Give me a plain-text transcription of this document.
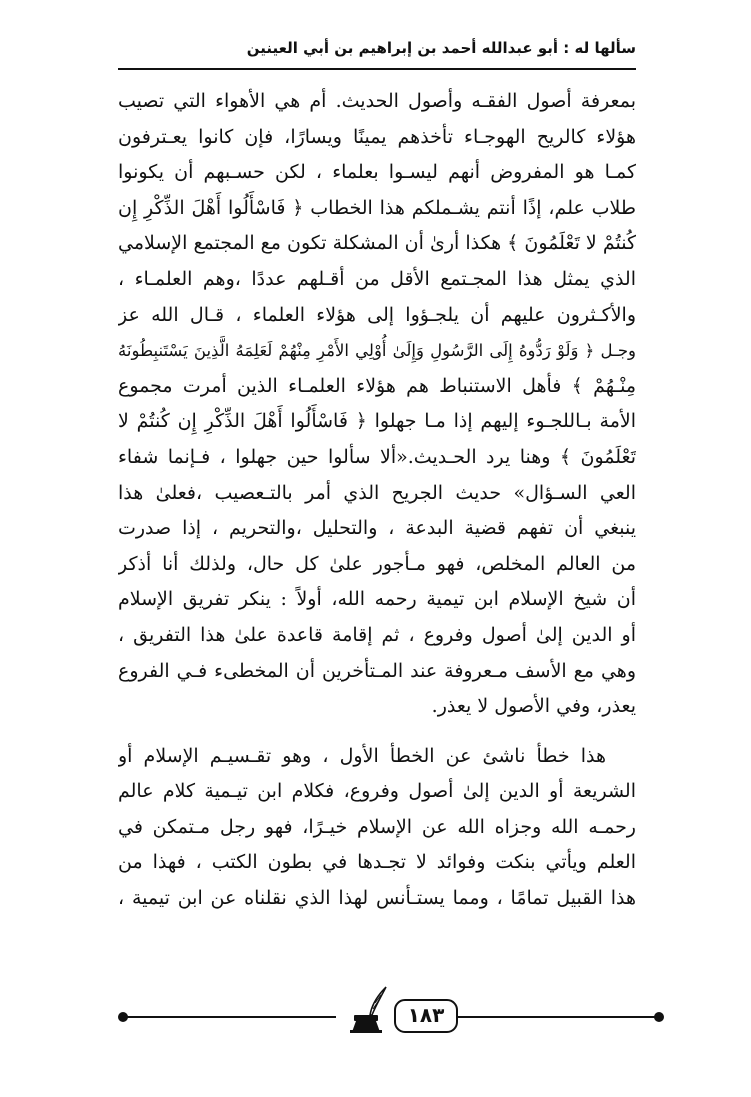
سألها له : أبو عبدالله أحمد بن إبراهيم بن أبي العينين
بمعرفة أصول الفقـه وأصول الحديث. أم هي الأهواء التي تصيب
هؤلاء كالريح الهوجـاء تأخذهم يمينًا ويسارًا، فإن كانوا يعـترفون
كمـا هو المفروض أنهم ليسـوا بعلماء ، لكن حسـبهم أن يكونوا
طلاب علم، إذًا أنتم يشـملكم هذا الخطاب ﴿ فَاسْأَلُوا أَهْلَ الذِّكْرِ إِن
كُنتُمْ لا تَعْلَمُونَ ﴾ هكذا أرىٰ أن المشكلة تكون مع المجتمع الإسلامي
الذي يمثل هذا المجـتمع الأقل من أقـلهم عددًا ،وهم العلمـاء ،
والأكـثرون عليهم أن يلجـؤوا إلى هؤلاء العلماء ، قـال الله عز
وجـل ﴿ وَلَوْ رَدُّوهُ إِلَى الرَّسُولِ وَإِلَىٰ أُوْلِي الأَمْرِ مِنْهُمْ لَعَلِمَهُ الَّذِينَ يَسْتَنبِطُونَهُ
مِنْـهُمْ ﴾ فأهل الاستنباط هم هؤلاء العلمـاء الذين أمرت مجموع
الأمة بـاللجـوء إليهم إذا مـا جهلوا ﴿ فَاسْأَلُوا أَهْلَ الذِّكْرِ إِن كُنتُمْ لا
تَعْلَمُونَ ﴾ وهنا يرد الحـديث.«ألا سألوا حين جهلوا ، فـإنما شفاء
العي السـؤال» حديث الجريح الذي أمر بالتـعصيب ،فعلىٰ هذا
ينبغي أن تفهم قضية البدعة ، والتحليل ،والتحريم ، إذا صدرت
من العالم المخلص، فهو مـأجور علىٰ كل حال، ولذلك أنا أذكر
أن شيخ الإسلام ابن تيمية رحمه الله، أولاً : ينكر تفريق الإسلام
أو الدين إلىٰ أصول وفروع ، ثم إقامة قاعدة علىٰ هذا التفريق ،
وهي مع الأسف مـعروفة عند المـتأخرين أن المخطىء فـي الفروع
يعذر، وفي الأصول لا يعذر.
هذا خطأ ناشئ عن الخطأ الأول ، وهو تقـسيـم الإسلام أو
الشريعة أو الدين إلىٰ أصول وفروع، فكلام ابن تيـمية كلام عالم
رحمـه الله وجزاه الله عن الإسلام خيـرًا، فهو رجل مـتمكن في
العلم ويأتي بنكت وفوائد لا تجـدها في بطون الكتب ، فهذا من
هذا القبيل تمامًا ، ومما يستـأنس لهذا الذي نقلناه عن ابن تيمية ،
١٨٣
